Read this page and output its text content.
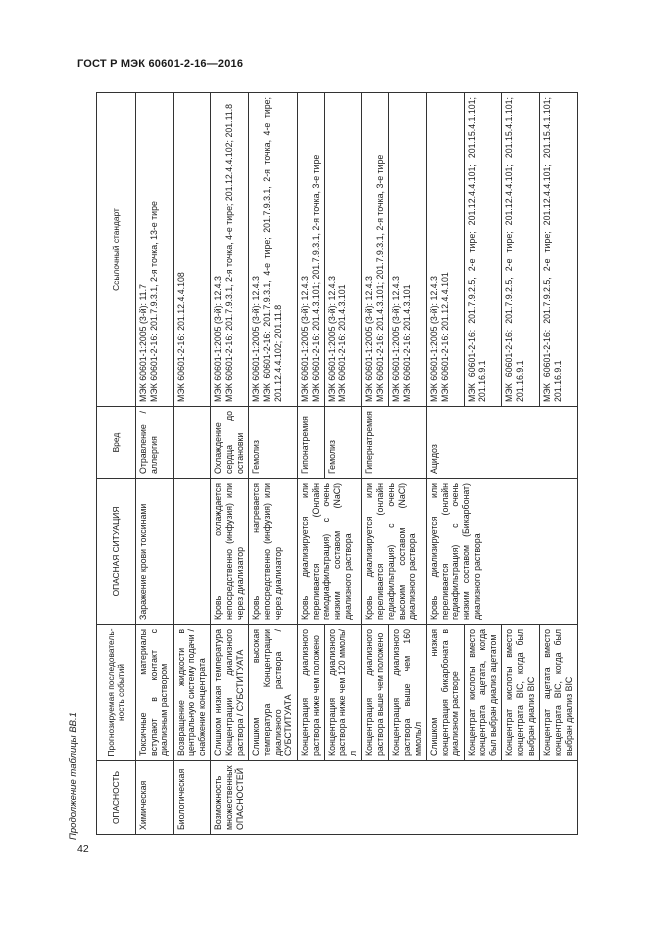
ГОСТ Р МЭК 60601-2-16—2016
Продолжение таблицы ВВ.1
42
ОПАСНОСТЬ	Прогнозируемая последователь-ность событий	ОПАСНАЯ СИТУАЦИЯ	Вред	Ссылочный стандарт
Химическая	Токсичные материалы вступают в контакт с диализным раствором	Заражение крови токсинами	Отравление / аллергия	МЭК 60601-1:2005 (3-й): 11.7
МЭК 60601-2-16: 201.7.9.3.1, 2-я точка, 13-е тире
Биологическая	Возвращение жидкости в центральную систему подачи / снабжение концентрата			МЭК 60601-2-16: 201.12.4.4.108
Возможность множественных ОПАСНОСТЕЙ	Слишком низкая температура Концентрации диализного раствора / СУБСТИТУАТА	Кровь охлаждается непосредственно (инфузия) или через диализатор	Охлаждение сердца до остановки	МЭК 60601-1:2005 (3-й): 12.4.3
МЭК 60601-2-16: 201.7.9.3.1, 2-я точка, 4-е тире; 201.12.4.4.102; 201.11.8
	Слишком высокая температура Концентрации диализного раствора / СУБСТИТУАТА	Кровь нагревается непосредственно (инфузия) или через диализатор	Гемолиз	МЭК 60601-1:2005 (3-й): 12.4.3
МЭК 60601-2-16: 201.7.9.3.1, 4-е тире; 201.7.9.3.1, 2-я точка, 4-е тире; 201.12.4.4.102; 201.11.8
	Концентрация диализного раствора ниже чем положено	Кровь диализируется или переливается (Онлайн гемодиафильтрация) с очень низким составом (NaCl) диализного раствора	Гипонатремия	МЭК 60601-1:2005 (3-й): 12.4.3
МЭК 60601-2-16: 201.4.3.101; 201.7.9.3.1, 2-я точка, 3-е тире
	Концентрация диализного раствора ниже чем 120 ммоль/л		Гемолиз	МЭК 60601-1:2005 (3-й): 12.4.3
МЭК 60601-2-16: 201.4.3.101
	Концентрация диализного раствора выше чем положено	Кровь диализируется или переливается (онлайн гедиафильтрация) с очень высоким составом (NaCl) диализного раствора	Гипернатремия	МЭК 60601-1:2005 (3-й): 12.4.3
МЭК 60601-2-16: 201.4.3.101; 201.7.9.3.1, 2-я точка, 3-е тире
	Концентрация диализного раствора выше чем 160 ммоль/л			МЭК 60601-1:2005 (3-й): 12.4.3
МЭК 60601-2-16: 201.4.3.101
	Слишком низкая концентрация бикарбоната в диализном растворе	Кровь диализируется или переливается (онлайн гедиафильтрация) с очень низким составом (Бикарбонат) диализного раствора	Ацидоз	МЭК 60601-1:2005 (3-й): 12.4.3
МЭК 60601-2-16: 201.12.4.4.101
	Концентрат кислоты вместо концентрата ацетата, когда был выбран диализ ацетатом			МЭК 60601-2-16: 201.7.9.2.5, 2-е тире; 201.12.4.4.101; 201.15.4.1.101; 201.16.9.1
	Концентрат кислоты вместо концентрата BIC, когда был выбран диализ BIC			МЭК 60601-2-16: 201.7.9.2.5, 2-е тире; 201.12.4.4.101; 201.15.4.1.101; 201.16.9.1
	Концентрат ацетата вместо концентрата BIC, когда был выбран диализ BIC			МЭК 60601-2-16: 201.7.9.2.5, 2-е тире; 201.12.4.4.101; 201.15.4.1.101; 201.16.9.1
